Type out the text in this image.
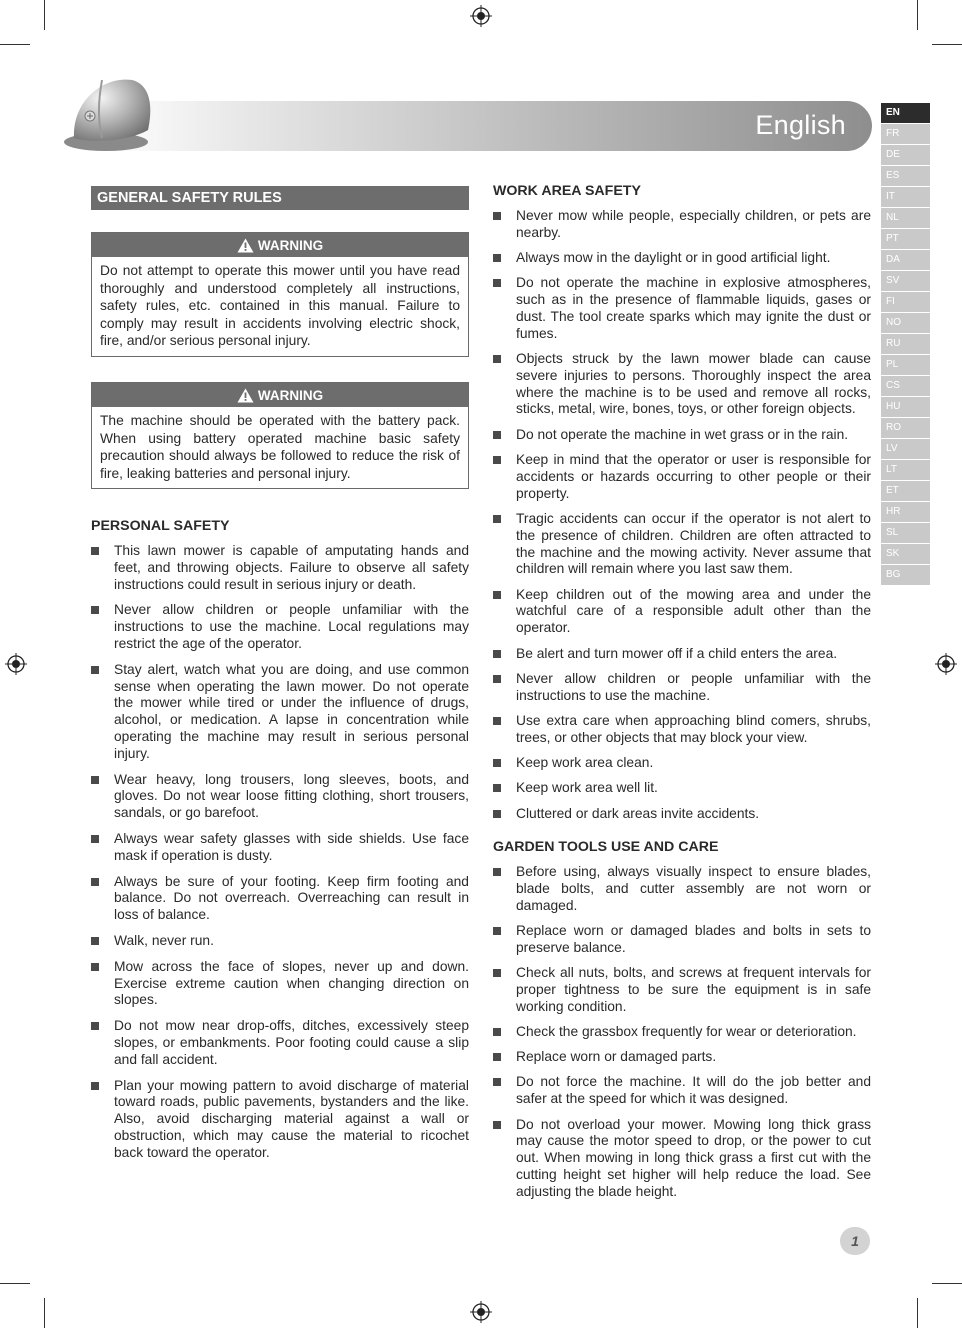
English	EN
FR
DE
ES
IT
NL
PT
DA
SV
FI
NO
RU
PL
CS
HU
RO
LV
LT
ET
HR
SL
SK
BG
GENERAL SAFETY RULES
WARNING
Do not attempt to operate this mower until you have read thoroughly and understood completely all instructions, safety rules, etc. contained in this manual. Failure to comply may result in accidents involving electric shock, fire, and/or serious personal injury.
WARNING
The machine should be operated with the battery pack. When using battery operated machine basic safety precaution should always be followed to reduce the risk of fire, leaking batteries and personal injury.
PERSONAL SAFETY
This lawn mower is capable of amputating hands and feet, and throwing objects. Failure to observe all safety instructions could result in serious injury or death.
Never allow children or people unfamiliar with the instructions to use the machine. Local regulations may restrict the age of the operator.
Stay alert, watch what you are doing, and use common sense when operating the lawn mower. Do not operate the mower while tired or under the influence of drugs, alcohol, or medication. A lapse in concentration while operating the machine may result in serious personal injury.
Wear heavy, long trousers, long sleeves, boots, and gloves. Do not wear loose fitting clothing, short trousers, sandals, or go barefoot.
Always wear safety glasses with side shields. Use face mask if operation is dusty.
Always be sure of your footing. Keep firm footing and balance. Do not overreach. Overreaching can result in loss of balance.
Walk, never run.
Mow across the face of slopes, never up and down. Exercise extreme caution when changing direction on slopes.
Do not mow near drop-offs, ditches, excessively steep slopes, or embankments. Poor footing could cause a slip and fall accident.
Plan your mowing pattern to avoid discharge of material toward roads, public pavements, bystanders and the like. Also, avoid discharging material against a wall or obstruction, which may cause the material to ricochet back toward the operator.
WORK AREA SAFETY
Never mow while people, especially children, or pets are nearby.
Always mow in the daylight or in good artificial light.
Do not operate the machine in explosive atmospheres, such as in the presence of flammable liquids, gases or dust. The tool create sparks which may ignite the dust or fumes.
Objects struck by the lawn mower blade can cause severe injuries to persons. Thoroughly inspect the area where the machine is to be used and remove all rocks, sticks, metal, wire, bones, toys, or other foreign objects.
Do not operate the machine in wet grass or in the rain.
Keep in mind that the operator or user is responsible for accidents or hazards occurring to other people or their property.
Tragic accidents can occur if the operator is not alert to the presence of children. Children are often attracted to the machine and the mowing activity. Never assume that children will remain where you last saw them.
Keep children out of the mowing area and under the watchful care of a responsible adult other than the operator.
Be alert and turn mower off if a child enters the area.
Never allow children or people unfamiliar with the instructions to use the machine.
Use extra care when approaching blind comers, shrubs, trees, or other objects that may block your view.
Keep work area clean.
Keep work area well lit.
Cluttered or dark areas invite accidents.
GARDEN TOOLS USE AND CARE
Before using, always visually inspect to ensure blades, blade bolts, and cutter assembly are not worn or damaged.
Replace worn or damaged blades and bolts in sets to preserve balance.
Check all nuts, bolts, and screws at frequent intervals for proper tightness to be sure the equipment is in safe working condition.
Check the grassbox frequently for wear or deterioration.
Replace worn or damaged parts.
Do not force the machine. It will do the job better and safer at the speed for which it was designed.
Do not overload your mower. Mowing long thick grass may cause the motor speed to drop, or the power to cut out. When mowing in long thick grass a first cut with the cutting height set higher will help reduce the load. See adjusting the blade height.
1
